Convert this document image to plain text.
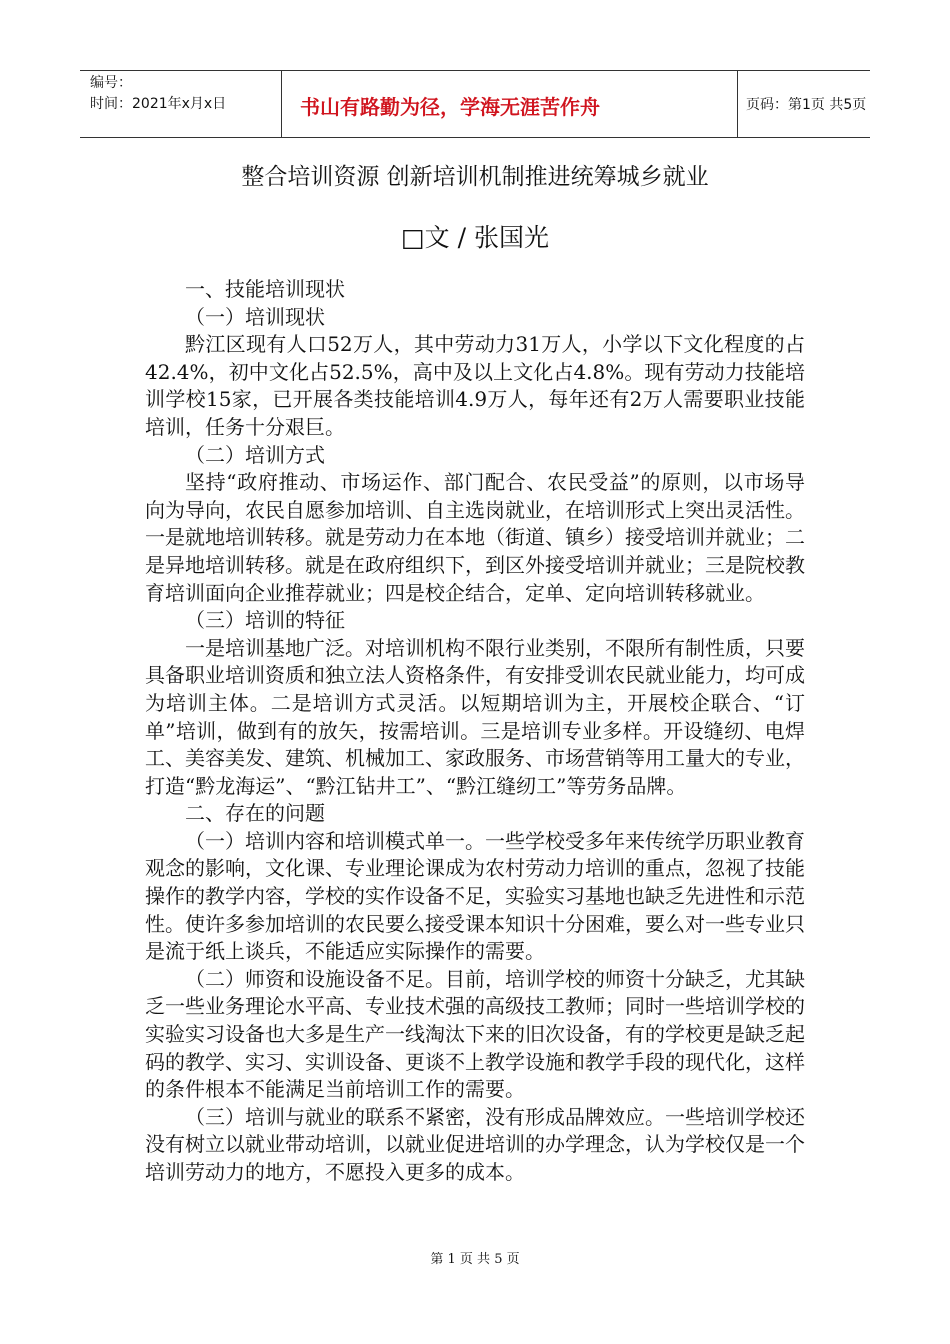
编号：
时间：2021年x月x日	书山有路勤为径，学海无涯苦作舟	页码：第1页 共5页
整合培训资源 创新培训机制推进统筹城乡就业
□文 / 张国光

一、技能培训现状

（一）培训现状

黔江区现有人口52万人，其中劳动力31万人，小学以下文化程度的占42.4%，初中文化占52.5%，高中及以上文化占4.8%。现有劳动力技能培训学校15家，已开展各类技能培训4.9万人，每年还有2万人需要职业技能培训，任务十分艰巨。

（二）培训方式

坚持“政府推动、市场运作、部门配合、农民受益”的原则，以市场导向为导向，农民自愿参加培训、自主选岗就业，在培训形式上突出灵活性。一是就地培训转移。就是劳动力在本地（街道、镇乡）接受培训并就业；二是异地培训转移。就是在政府组织下，到区外接受培训并就业；三是院校教育培训面向企业推荐就业；四是校企结合，定单、定向培训转移就业。

（三）培训的特征

一是培训基地广泛。对培训机构不限行业类别，不限所有制性质，只要具备职业培训资质和独立法人资格条件，有安排受训农民就业能力，均可成为培训主体。二是培训方式灵活。以短期培训为主，开展校企联合、“订单”培训，做到有的放矢，按需培训。三是培训专业多样。开设缝纫、电焊工、美容美发、建筑、机械加工、家政服务、市场营销等用工量大的专业，打造“黔龙海运”、“黔江钻井工”、“黔江缝纫工”等劳务品牌。

二、存在的问题

（一）培训内容和培训模式单一。一些学校受多年来传统学历职业教育观念的影响，文化课、专业理论课成为农村劳动力培训的重点，忽视了技能操作的教学内容，学校的实作设备不足，实验实习基地也缺乏先进性和示范性。使许多参加培训的农民要么接受课本知识十分困难，要么对一些专业只是流于纸上谈兵，不能适应实际操作的需要。

（二）师资和设施设备不足。目前，培训学校的师资十分缺乏，尤其缺乏一些业务理论水平高、专业技术强的高级技工教师；同时一些培训学校的实验实习设备也大多是生产一线淘汰下来的旧次设备，有的学校更是缺乏起码的教学、实习、实训设备、更谈不上教学设施和教学手段的现代化，这样的条件根本不能满足当前培训工作的需要。

（三）培训与就业的联系不紧密，没有形成品牌效应。一些培训学校还没有树立以就业带动培训，以就业促进培训的办学理念，认为学校仅是一个培训劳动力的地方，不愿投入更多的成本。

第 1 页 共 5 页
